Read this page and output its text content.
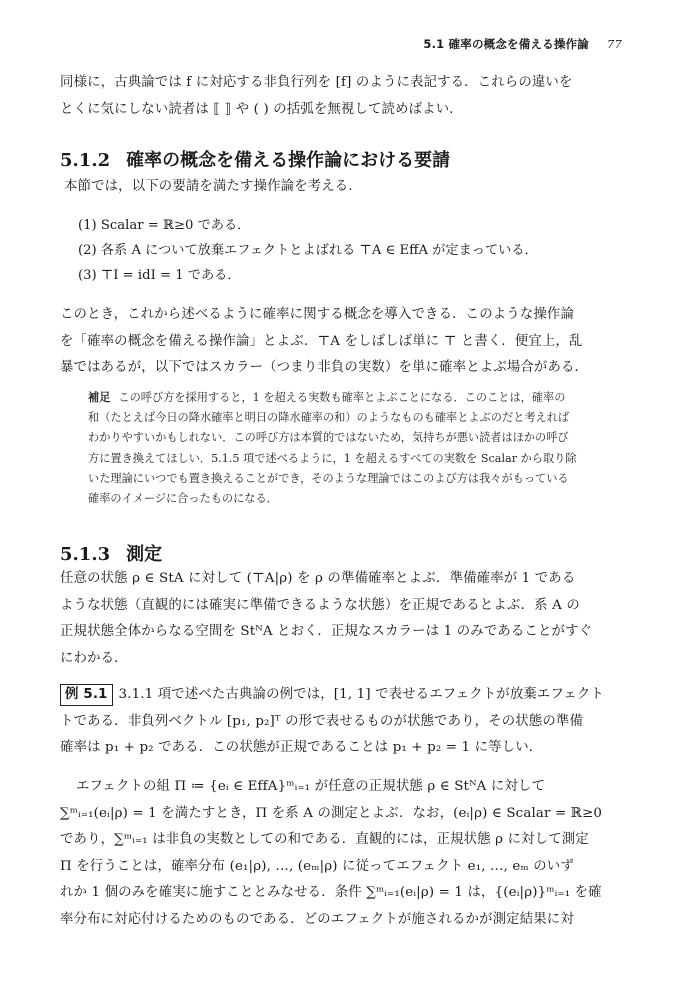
5.1 確率の概念を備える操作論 77
同様に，古典論では f に対応する非負行列を [f] のように表記する．これらの違いを
とくに気にしない読者は ⟦ ⟧ や ( ) の括弧を無視して読めばよい．
5.1.2 確率の概念を備える操作論における要請
本節では，以下の要請を満たす操作論を考える．
(1) Scalar = ℝ≥0 である．
(2) 各系 A について放棄エフェクトとよばれる ⊤A ∈ EffA が定まっている．
(3) ⊤I = idI = 1 である．
このとき，これから述べるように確率に関する概念を導入できる．このような操作論
を「確率の概念を備える操作論」とよぶ．⊤A をしばしば単に ⊤ と書く．便宜上，乱
暴ではあるが，以下ではスカラー（つまり非負の実数）を単に確率とよぶ場合がある．
補足 この呼び方を採用すると，1 を超える実数も確率とよぶことになる．このことは，確率の
和（たとえば今日の降水確率と明日の降水確率の和）のようなものも確率とよぶのだと考えれば
わかりやすいかもしれない．この呼び方は本質的ではないため，気持ちが悪い読者はほかの呼び
方に置き換えてほしい．5.1.5 項で述べるように，1 を超えるすべての実数を Scalar から取り除
いた理論にいつでも置き換えることができ，そのような理論ではこのよび方は我々がもっている
確率のイメージに合ったものになる．
5.1.3 測定
任意の状態 ρ ∈ StA に対して (⊤A|ρ) を ρ の準備確率とよぶ．準備確率が 1 である
ような状態（直観的には確実に準備できるような状態）を正規であるとよぶ．系 A の
正規状態全体からなる空間を StᴺA とおく．正規なスカラーは 1 のみであることがすぐ
にわかる．
例 5.1 3.1.1 項で述べた古典論の例では，[1, 1] で表せるエフェクトが放棄エフェクト
トである．非負列ベクトル [p₁, p₂]ᵀ の形で表せるものが状態であり，その状態の準備
確率は p₁ + p₂ である．この状態が正規であることは p₁ + p₂ = 1 に等しい．
エフェクトの組 Π ≔ {eᵢ ∈ EffA}ᵐᵢ₌₁ が任意の正規状態 ρ ∈ StᴺA に対して
∑ᵐᵢ₌₁(eᵢ|ρ) = 1 を満たすとき，Π を系 A の測定とよぶ．なお，(eᵢ|ρ) ∈ Scalar = ℝ≥0
であり，∑ᵐᵢ₌₁ は非負の実数としての和である．直観的には，正規状態 ρ に対して測定
Π を行うことは，確率分布 (e₁|ρ), …, (eₘ|ρ) に従ってエフェクト e₁, …, eₘ のいず
れか 1 個のみを確実に施すこととみなせる．条件 ∑ᵐᵢ₌₁(eᵢ|ρ) = 1 は，{(eᵢ|ρ)}ᵐᵢ₌₁ を確
率分布に対応付けるためのものである．どのエフェクトが施されるかが測定結果に対
